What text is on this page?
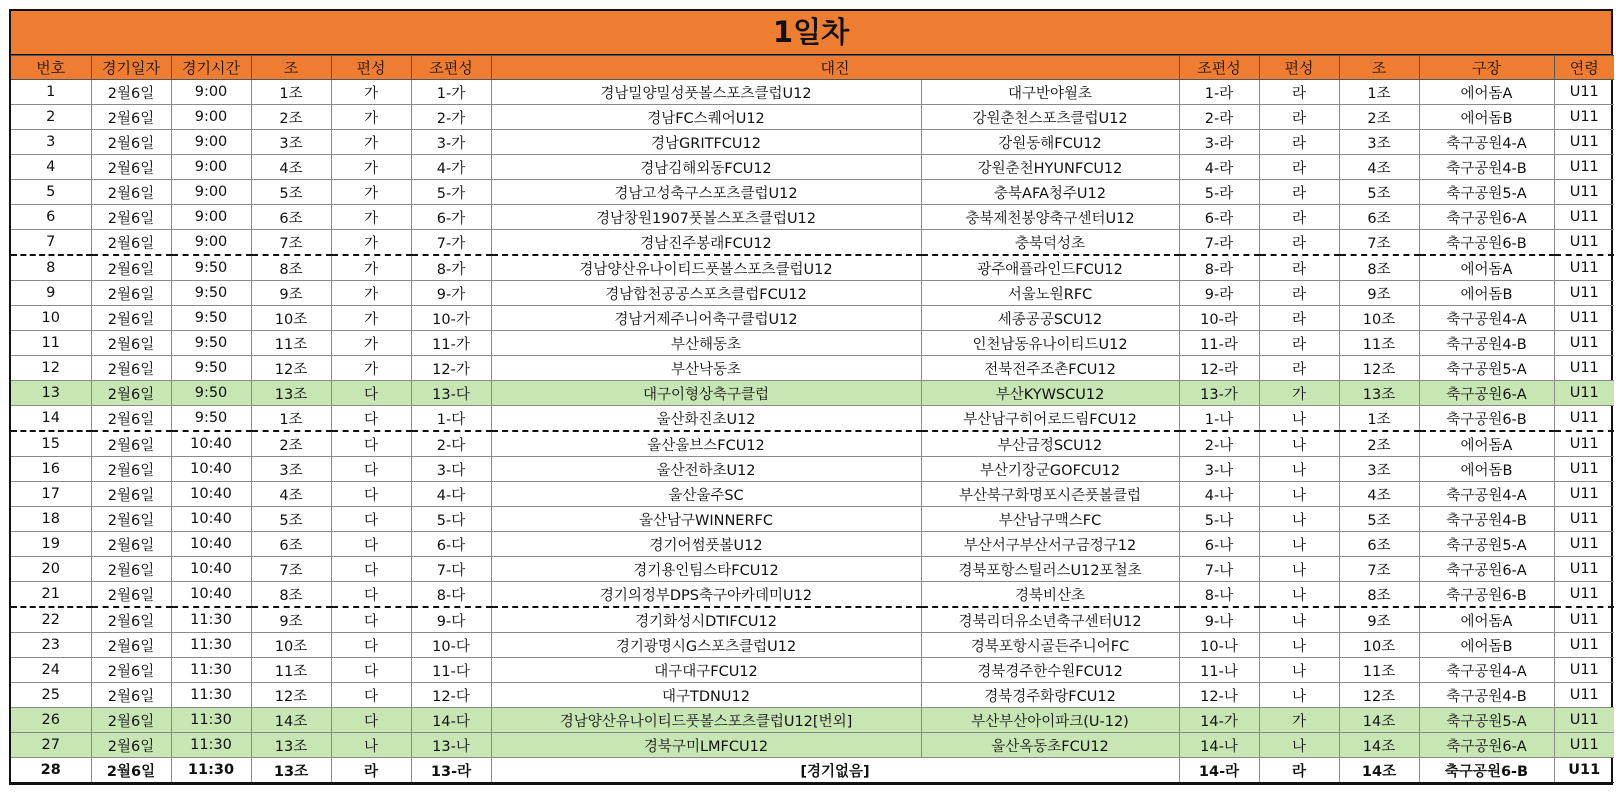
1일차
번호	경기일자	경기시간	조	편성	조편성	대진		조편성	편성	조	구장	연령
1	2월6일	9:00	1조	가	1-가	경남밀양밀성풋볼스포츠클럽U12	대구반야월초	1-라	라	1조	에어돔A	U11
2	2월6일	9:00	2조	가	2-가	경남FC스퀘어U12	강원춘천스포츠클럽U12	2-라	라	2조	에어돔B	U11
3	2월6일	9:00	3조	가	3-가	경남GRITFCU12	강원동해FCU12	3-라	라	3조	축구공원4-A	U11
4	2월6일	9:00	4조	가	4-가	경남김해외동FCU12	강원춘천HYUNFCU12	4-라	라	4조	축구공원4-B	U11
5	2월6일	9:00	5조	가	5-가	경남고성축구스포츠클럽U12	충북AFA청주U12	5-라	라	5조	축구공원5-A	U11
6	2월6일	9:00	6조	가	6-가	경남창원1907풋볼스포츠클럽U12	충북제천봉양축구센터U12	6-라	라	6조	축구공원6-A	U11
7	2월6일	9:00	7조	가	7-가	경남진주봉래FCU12	충북덕성초	7-라	라	7조	축구공원6-B	U11
8	2월6일	9:50	8조	가	8-가	경남양산유나이티드풋볼스포츠클럽U12	광주애플라인드FCU12	8-라	라	8조	에어돔A	U11
9	2월6일	9:50	9조	가	9-가	경남합천공공스포츠클럽FCU12	서울노원RFC	9-라	라	9조	에어돔B	U11
10	2월6일	9:50	10조	가	10-가	경남거제주니어축구클럽U12	세종공공SCU12	10-라	라	10조	축구공원4-A	U11
11	2월6일	9:50	11조	가	11-가	부산해동초	인천남동유나이티드U12	11-라	라	11조	축구공원4-B	U11
12	2월6일	9:50	12조	가	12-가	부산낙동초	전북전주조촌FCU12	12-라	라	12조	축구공원5-A	U11
13	2월6일	9:50	13조	다	13-다	대구이형상축구클럽	부산KYWSCU12	13-가	가	13조	축구공원6-A	U11
14	2월6일	9:50	1조	다	1-다	울산화진초U12	부산남구히어로드림FCU12	1-나	나	1조	축구공원6-B	U11
15	2월6일	10:40	2조	다	2-다	울산울브스FCU12	부산금정SCU12	2-나	나	2조	에어돔A	U11
16	2월6일	10:40	3조	다	3-다	울산전하초U12	부산기장군GOFCU12	3-나	나	3조	에어돔B	U11
17	2월6일	10:40	4조	다	4-다	울산울주SC	부산북구화명포시즌풋볼클럽	4-나	나	4조	축구공원4-A	U11
18	2월6일	10:40	5조	다	5-다	울산남구WINNERFC	부산남구맥스FC	5-나	나	5조	축구공원4-B	U11
19	2월6일	10:40	6조	다	6-다	경기어썸풋볼U12	부산서구부산서구금정구12	6-나	나	6조	축구공원5-A	U11
20	2월6일	10:40	7조	다	7-다	경기용인팀스타FCU12	경북포항스틸러스U12포철초	7-나	나	7조	축구공원6-A	U11
21	2월6일	10:40	8조	다	8-다	경기의정부DPS축구아카데미U12	경북비산초	8-나	나	8조	축구공원6-B	U11
22	2월6일	11:30	9조	다	9-다	경기화성시DTIFCU12	경북리더유소년축구센터U12	9-나	나	9조	에어돔A	U11
23	2월6일	11:30	10조	다	10-다	경기광명시G스포츠클럽U12	경북포항시골든주니어FC	10-나	나	10조	에어돔B	U11
24	2월6일	11:30	11조	다	11-다	대구대구FCU12	경북경주한수원FCU12	11-나	나	11조	축구공원4-A	U11
25	2월6일	11:30	12조	다	12-다	대구TDNU12	경북경주화랑FCU12	12-나	나	12조	축구공원4-B	U11
26	2월6일	11:30	14조	다	14-다	경남양산유나이티드풋볼스포츠클럽U12[번외]	부산부산아이파크(U-12)	14-가	가	14조	축구공원5-A	U11
27	2월6일	11:30	13조	나	13-나	경북구미LMFCU12	울산옥동초FCU12	14-나	나	14조	축구공원6-A	U11
28	2월6일	11:30	13조	라	13-라	[경기없음]		14-라	라	14조	축구공원6-B	U11
